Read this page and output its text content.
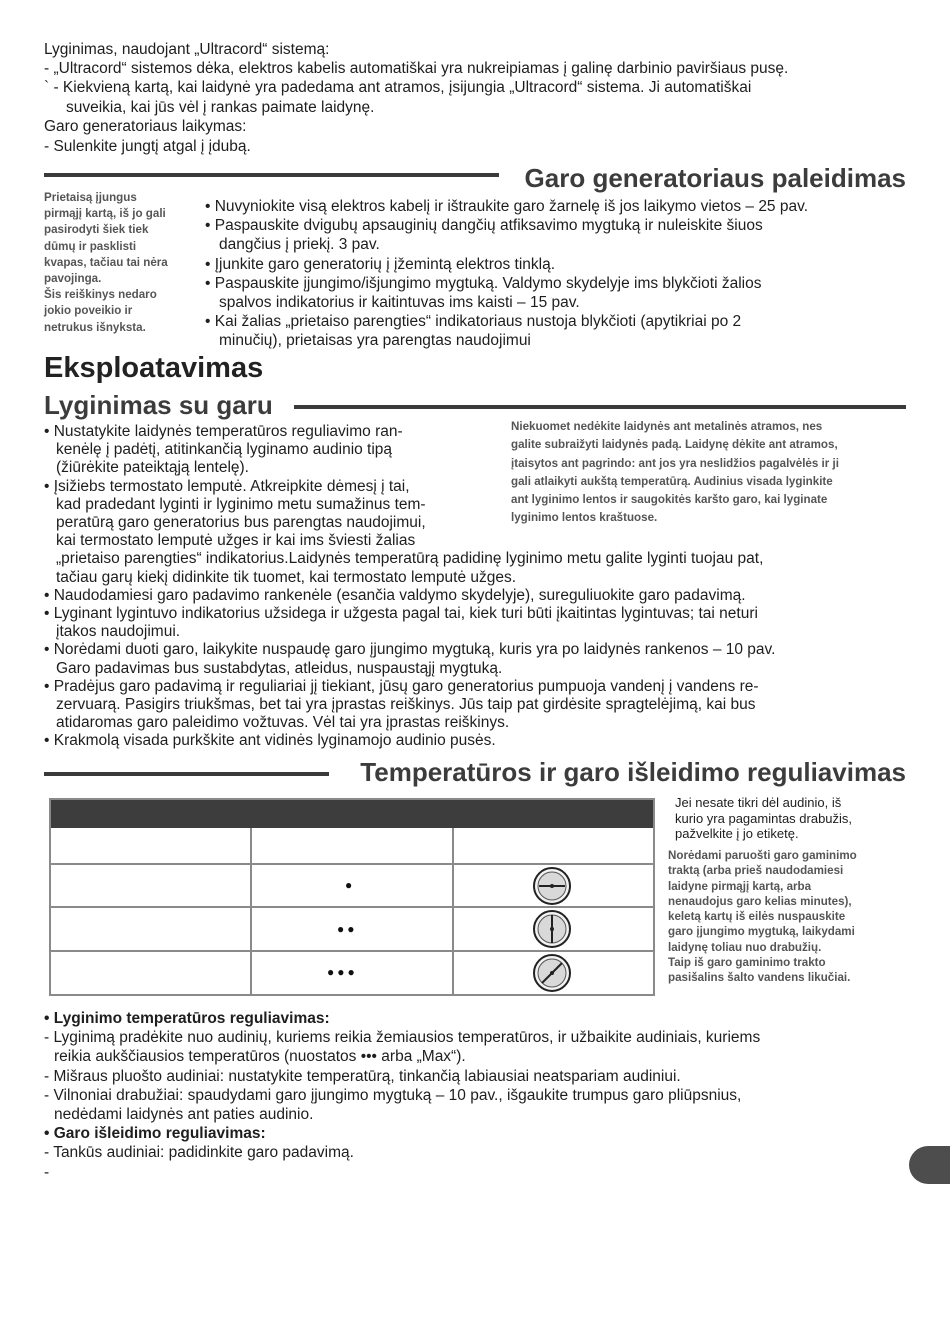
Lyginimas, naudojant „Ultracord“ sistemą:
- „Ultracord“ sistemos dėka, elektros kabelis automatiškai yra nukreipiamas į galinę darbinio paviršiaus pusę.
` - Kiekvieną kartą, kai laidynė yra padedama ant atramos, įsijungia „Ultracord“ sistema. Ji automatiškai
suveikia, kai jūs vėl į rankas paimate laidynę.
Garo generatoriaus laikymas:
- Sulenkite jungtį atgal į įdubą.
Garo generatoriaus paleidimas
Prietaisą įjungus
pirmąjį kartą, iš jo gali
pasirodyti šiek tiek
dūmų ir pasklisti
kvapas, tačiau tai nėra
pavojinga.
Šis reiškinys nedaro
jokio poveikio ir
netrukus išnyksta.
• Nuvyniokite visą elektros kabelį ir ištraukite garo žarnelę iš jos laikymo vietos – 25 pav.
• Paspauskite dvigubų apsauginių dangčių atfiksavimo mygtuką ir nuleiskite šiuos
dangčius į priekį. 3 pav.
• Įjunkite garo generatorių į įžemintą elektros tinklą.
• Paspauskite įjungimo/išjungimo mygtuką. Valdymo skydelyje ims blykčioti žalios
spalvos indikatorius ir kaitintuvas ims kaisti – 15 pav.
• Kai žalias „prietaiso parengties“ indikatoriaus nustoja blykčioti (apytikriai po 2
minučių), prietaisas yra parengtas naudojimui
Eksploatavimas
Lyginimas su garu
Niekuomet nedėkite laidynės ant metalinės atramos, nes
galite subraižyti laidynės padą. Laidynę dėkite ant atramos,
įtaisytos ant pagrindo: ant jos yra neslidžios pagalvėlės ir ji
gali atlaikyti aukštą temperatūrą. Audinius visada lyginkite
ant lyginimo lentos ir saugokitės karšto garo, kai lyginate
lyginimo lentos kraštuose.
• Nustatykite laidynės temperatūros reguliavimo ran-
kenėlę į padėtį, atitinkančią lyginamo audinio tipą
(žiūrėkite pateiktąją lentelę).
• Įsižiebs termostato lemputė. Atkreipkite dėmesį į tai,
kad pradedant lyginti ir lyginimo metu sumažinus tem-
peratūrą garo generatorius bus parengtas naudojimui,
kai termostato lemputė užges ir kai ims šviesti žalias
„prietaiso parengties“ indikatorius.Laidynės temperatūrą padidinę lyginimo metu galite lyginti tuojau pat,
tačiau garų kiekį didinkite tik tuomet, kai termostato lemputė užges.
• Naudodamiesi garo padavimo rankenėle (esančia valdymo skydelyje), sureguliuokite garo padavimą.
• Lyginant lygintuvo indikatorius užsidega ir užgesta pagal tai, kiek turi būti įkaitintas lygintuvas; tai neturi
įtakos naudojimui.
• Norėdami duoti garo, laikykite nuspaudę garo įjungimo mygtuką, kuris yra po laidynės rankenos – 10 pav.
Garo padavimas bus sustabdytas, atleidus, nuspaustąjį mygtuką.
• Pradėjus garo padavimą ir reguliariai jį tiekiant, jūsų garo generatorius pumpuoja vandenį į vandens re-
zervuarą. Pasigirs triukšmas, bet tai yra įprastas reiškinys. Jūs taip pat girdėsite spragtelėjimą, kai bus
atidaromas garo paleidimo vožtuvas. Vėl tai yra įprastas reiškinys.
• Krakmolą visada purkškite ant vidinės lyginamojo audinio pusės.
Temperatūros ir garo išleidimo reguliavimas
●
●●
●●●
Jei nesate tikri dėl audinio, iš
kurio yra pagamintas drabužis,
pažvelkite į jo etiketę.
Norėdami paruošti garo gaminimo
traktą (arba prieš naudodamiesi
laidyne pirmąjį kartą, arba
nenaudojus garo kelias minutes),
keletą kartų iš eilės nuspauskite
garo įjungimo mygtuką, laikydami
laidynę toliau nuo drabužių.
Taip iš garo gaminimo trakto
pasišalins šalto vandens likučiai.
• Lyginimo temperatūros reguliavimas:
- Lyginimą pradėkite nuo audinių, kuriems reikia žemiausios temperatūros, ir užbaikite audiniais, kuriems
reikia aukščiausios temperatūros (nuostatos ••• arba „Max“).
- Mišraus pluošto audiniai: nustatykite temperatūrą, tinkančią labiausiai neatspariam audiniui.
- Vilnoniai drabužiai: spaudydami garo įjungimo mygtuką – 10 pav., išgaukite trumpus garo pliūpsnius,
nedėdami laidynės ant paties audinio.
• Garo išleidimo reguliavimas:
- Tankūs audiniai: padidinkite garo padavimą.
-
